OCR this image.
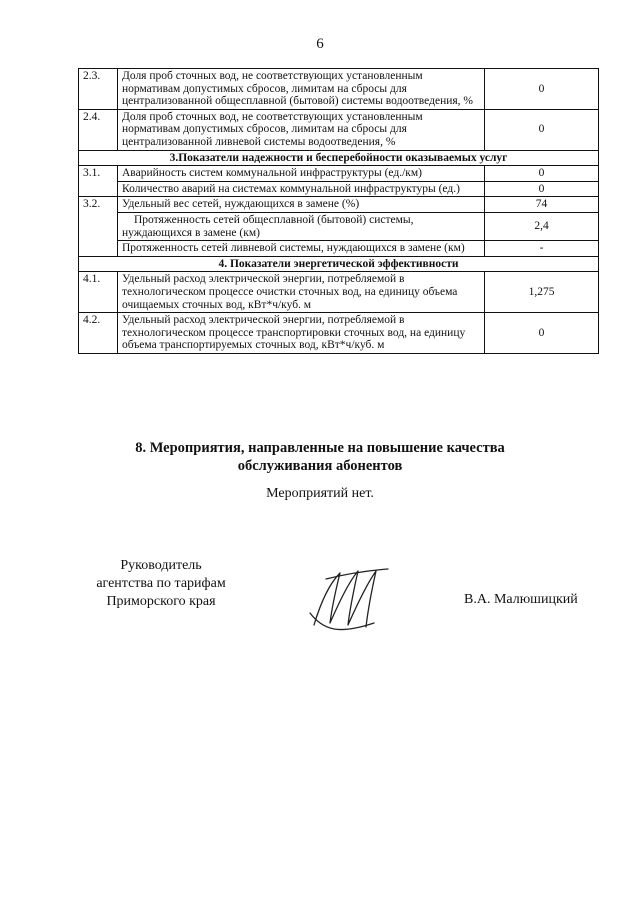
6
2.3.	Доля проб сточных вод, не соответствующих установленным нормативам допустимых сбросов, лимитам на сбросы для централизованной общесплавной (бытовой) системы водоотведения, %	0
2.4.	Доля проб сточных вод, не соответствующих установленным нормативам допустимых сбросов, лимитам на сбросы для централизованной ливневой системы водоотведения, %	0
3.Показатели надежности и бесперебойности оказываемых услуг		
3.1.	Аварийность систем коммунальной инфраструктуры (ед./км)	0
	Количество аварий на системах коммунальной инфраструктуры (ед.)	0
3.2.	Удельный вес сетей, нуждающихся в замене (%)	74
	Протяженность сетей общесплавной (бытовой) системы, нуждающихся в замене (км)	2,4
	Протяженность сетей ливневой системы, нуждающихся в замене (км)	-
4. Показатели энергетической эффективности		
4.1.	Удельный расход электрической энергии, потребляемой в технологическом процессе очистки сточных вод, на единицу объема очищаемых сточных вод, кВт*ч/куб. м	1,275
4.2.	Удельный расход электрической энергии, потребляемой в технологическом процессе транспортировки сточных вод, на единицу объема транспортируемых сточных вод, кВт*ч/куб. м	0
8. Мероприятия, направленные на повышение качества
обслуживания абонентов
Мероприятий нет.
Руководитель
агентства по тарифам
Приморского края	В.А. Малюшицкий
